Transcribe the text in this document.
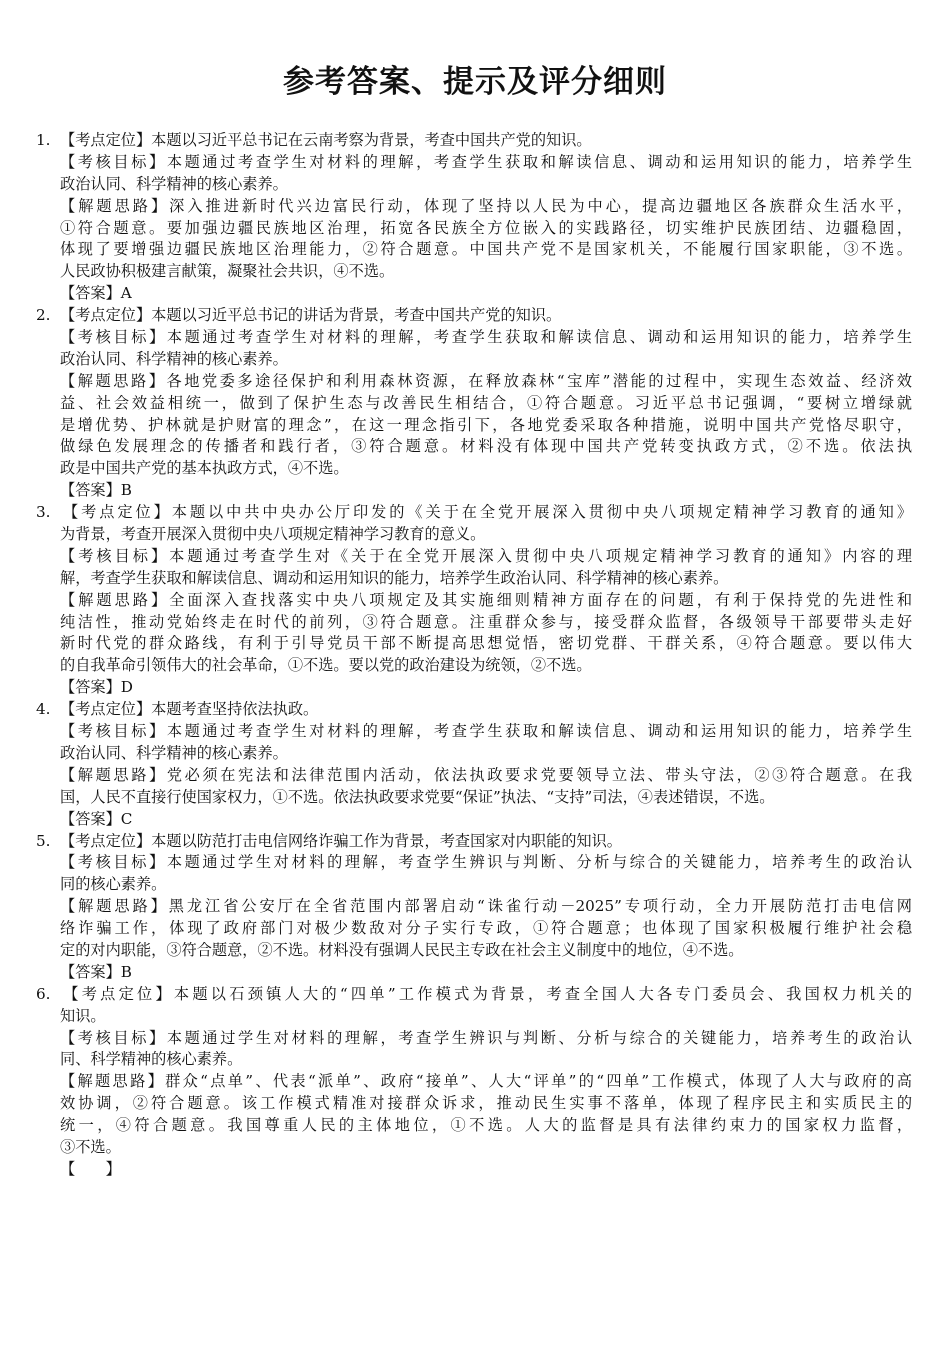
参考答案、提示及评分细则
1. 【考点定位】本题以习近平总书记在云南考察为背景，考查中国共产党的知识。
【考核目标】本题通过考查学生对材料的理解，考查学生获取和解读信息、调动和运用知识的能力，培养学生
政治认同、科学精神的核心素养。
【解题思路】深入推进新时代兴边富民行动，体现了坚持以人民为中心，提高边疆地区各族群众生活水平，
①符合题意。要加强边疆民族地区治理，拓宽各民族全方位嵌入的实践路径，切实维护民族团结、边疆稳固，
体现了要增强边疆民族地区治理能力，②符合题意。中国共产党不是国家机关，不能履行国家职能，③不选。
人民政协积极建言献策，凝聚社会共识，④不选。
【答案】A
2. 【考点定位】本题以习近平总书记的讲话为背景，考查中国共产党的知识。
【考核目标】本题通过考查学生对材料的理解，考查学生获取和解读信息、调动和运用知识的能力，培养学生
政治认同、科学精神的核心素养。
【解题思路】各地党委多途径保护和利用森林资源，在释放森林“宝库”潜能的过程中，实现生态效益、经济效
益、社会效益相统一，做到了保护生态与改善民生相结合，①符合题意。习近平总书记强调，“要树立增绿就
是增优势、护林就是护财富的理念”，在这一理念指引下，各地党委采取各种措施，说明中国共产党恪尽职守，
做绿色发展理念的传播者和践行者，③符合题意。材料没有体现中国共产党转变执政方式，②不选。依法执
政是中国共产党的基本执政方式，④不选。
【答案】B
3. 【考点定位】本题以中共中央办公厅印发的《关于在全党开展深入贯彻中央八项规定精神学习教育的通知》
为背景，考查开展深入贯彻中央八项规定精神学习教育的意义。
【考核目标】本题通过考查学生对《关于在全党开展深入贯彻中央八项规定精神学习教育的通知》内容的理
解，考查学生获取和解读信息、调动和运用知识的能力，培养学生政治认同、科学精神的核心素养。
【解题思路】全面深入查找落实中央八项规定及其实施细则精神方面存在的问题，有利于保持党的先进性和
纯洁性，推动党始终走在时代的前列，③符合题意。注重群众参与，接受群众监督，各级领导干部要带头走好
新时代党的群众路线，有利于引导党员干部不断提高思想觉悟，密切党群、干群关系，④符合题意。要以伟大
的自我革命引领伟大的社会革命，①不选。要以党的政治建设为统领，②不选。
【答案】D
4. 【考点定位】本题考查坚持依法执政。
【考核目标】本题通过考查学生对材料的理解，考查学生获取和解读信息、调动和运用知识的能力，培养学生
政治认同、科学精神的核心素养。
【解题思路】党必须在宪法和法律范围内活动，依法执政要求党要领导立法、带头守法，②③符合题意。在我
国，人民不直接行使国家权力，①不选。依法执政要求党要“保证”执法、“支持”司法，④表述错误，不选。
【答案】C
5. 【考点定位】本题以防范打击电信网络诈骗工作为背景，考查国家对内职能的知识。
【考核目标】本题通过学生对材料的理解，考查学生辨识与判断、分析与综合的关键能力，培养考生的政治认
同的核心素养。
【解题思路】黑龙江省公安厅在全省范围内部署启动“诛雀行动－2025”专项行动，全力开展防范打击电信网
络诈骗工作，体现了政府部门对极少数敌对分子实行专政，①符合题意；也体现了国家积极履行维护社会稳
定的对内职能，③符合题意，②不选。材料没有强调人民民主专政在社会主义制度中的地位，④不选。
【答案】B
6. 【考点定位】本题以石颈镇人大的“四单”工作模式为背景，考查全国人大各专门委员会、我国权力机关的
知识。
【考核目标】本题通过学生对材料的理解，考查学生辨识与判断、分析与综合的关键能力，培养考生的政治认
同、科学精神的核心素养。
【解题思路】群众“点单”、代表“派单”、政府“接单”、人大“评单”的“四单”工作模式，体现了人大与政府的高
效协调，②符合题意。该工作模式精准对接群众诉求，推动民生实事不落单，体现了程序民主和实质民主的
统一，④符合题意。我国尊重人民的主体地位，①不选。人大的监督是具有法律约束力的国家权力监督，
③不选。
【　　】
